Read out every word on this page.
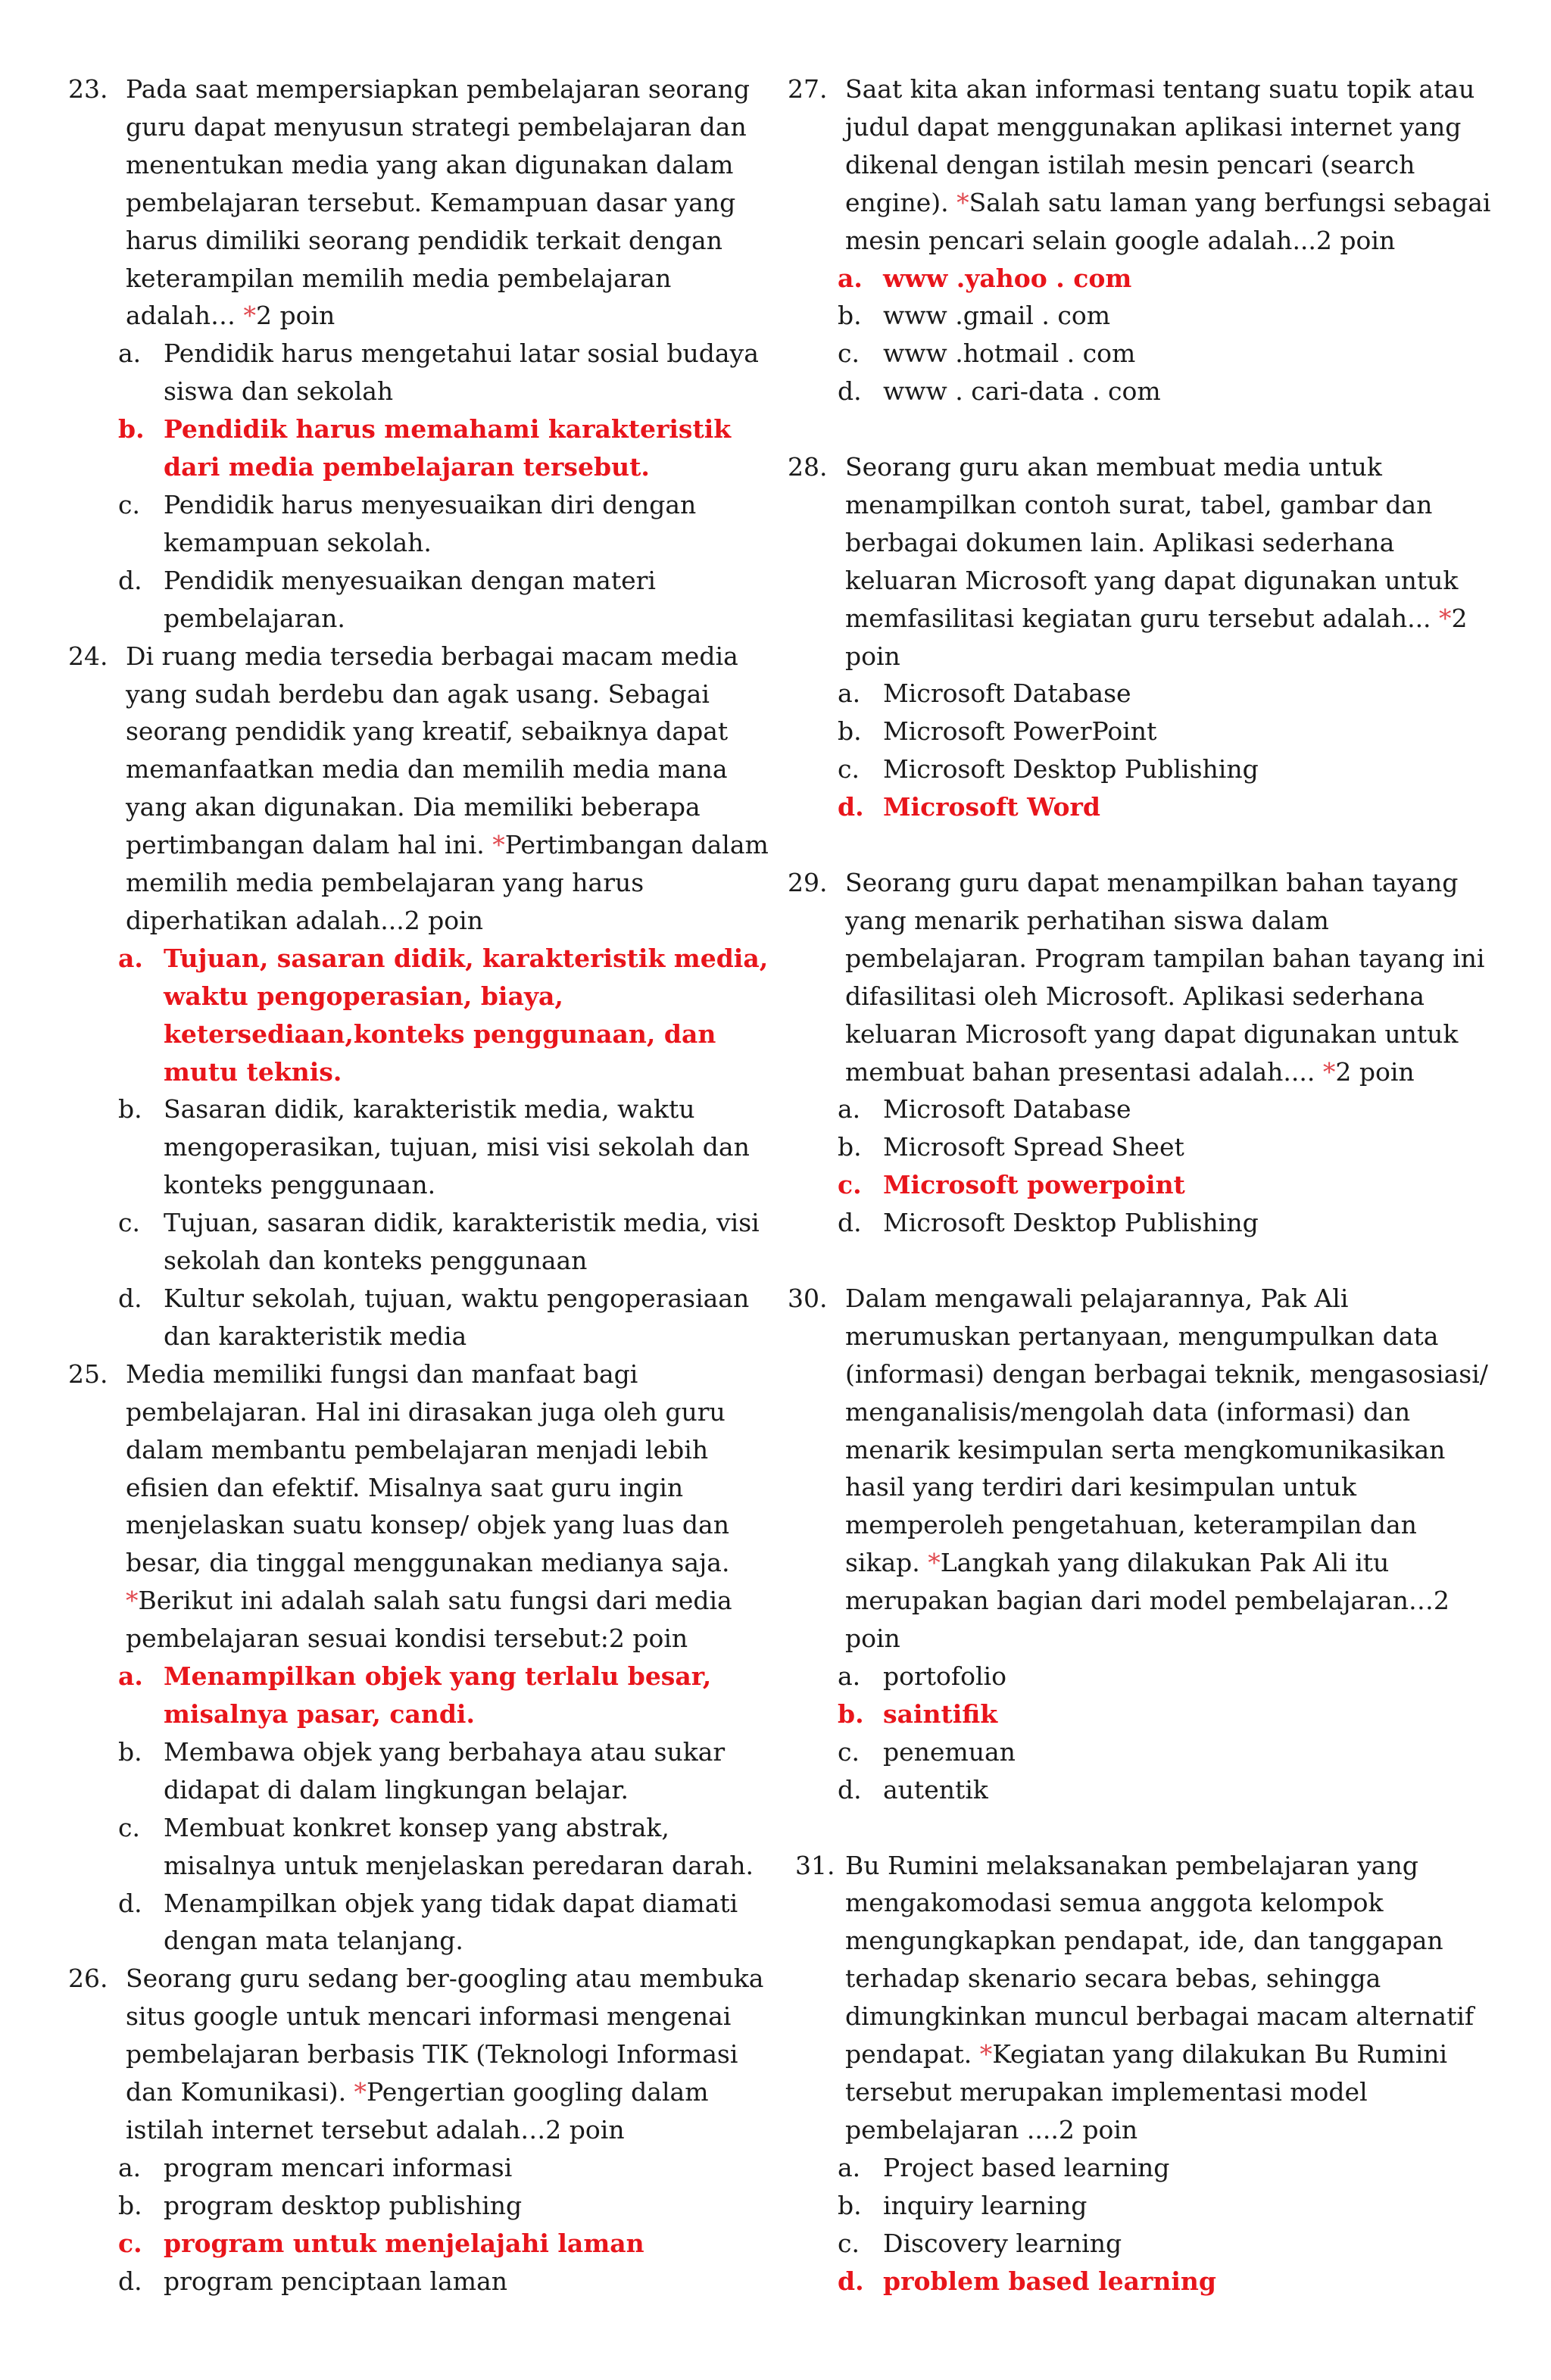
23. Pada saat mempersiapkan pembelajaran seorang guru dapat menyusun strategi pembelajaran dan menentukan media yang akan digunakan dalam pembelajaran tersebut. Kemampuan dasar yang harus dimiliki seorang pendidik terkait dengan keterampilan memilih media pembelajaran adalah… *2 poin
a. Pendidik harus mengetahui latar sosial budaya siswa dan sekolah
b. Pendidik harus memahami karakteristik dari media pembelajaran tersebut.
c. Pendidik harus menyesuaikan diri dengan kemampuan sekolah.
d. Pendidik menyesuaikan dengan materi pembelajaran.
24. Di ruang media tersedia berbagai macam media yang sudah berdebu dan agak usang. Sebagai seorang pendidik yang kreatif, sebaiknya dapat memanfaatkan media dan memilih media mana yang akan digunakan. Dia memiliki beberapa pertimbangan dalam hal ini. *Pertimbangan dalam memilih media pembelajaran yang harus diperhatikan adalah...2 poin
a. Tujuan, sasaran didik, karakteristik media, waktu pengoperasian, biaya, ketersediaan,konteks penggunaan, dan mutu teknis.
b. Sasaran didik, karakteristik media, waktu mengoperasikan, tujuan, misi visi sekolah dan konteks penggunaan.
c. Tujuan, sasaran didik, karakteristik media, visi sekolah dan konteks penggunaan
d. Kultur sekolah, tujuan, waktu pengoperasiaan dan karakteristik media
25. Media memiliki fungsi dan manfaat bagi pembelajaran. Hal ini dirasakan juga oleh guru dalam membantu pembelajaran menjadi lebih efisien dan efektif. Misalnya saat guru ingin menjelaskan suatu konsep/ objek yang luas dan besar, dia tinggal menggunakan medianya saja. *Berikut ini adalah salah satu fungsi dari media pembelajaran sesuai kondisi tersebut:2 poin
a. Menampilkan objek yang terlalu besar, misalnya pasar, candi.
b. Membawa objek yang berbahaya atau sukar didapat di dalam lingkungan belajar.
c. Membuat konkret konsep yang abstrak, misalnya untuk menjelaskan peredaran darah.
d. Menampilkan objek yang tidak dapat diamati dengan mata telanjang.
26. Seorang guru sedang ber-googling atau membuka situs google untuk mencari informasi mengenai pembelajaran berbasis TIK (Teknologi Informasi dan Komunikasi). *Pengertian googling dalam istilah internet tersebut adalah…2 poin
a. program mencari informasi
b. program desktop publishing
c. program untuk menjelajahi laman
d. program penciptaan laman
27. Saat kita akan informasi tentang suatu topik atau judul dapat menggunakan aplikasi internet yang dikenal dengan istilah mesin pencari (search engine). *Salah satu laman yang berfungsi sebagai mesin pencari selain google adalah...2 poin
a. www .yahoo . com
b. www .gmail . com
c. www .hotmail . com
d. www . cari-data . com
28. Seorang guru akan membuat media untuk menampilkan contoh surat, tabel, gambar dan berbagai dokumen lain. Aplikasi sederhana keluaran Microsoft yang dapat digunakan untuk memfasilitasi kegiatan guru tersebut adalah... *2 poin
a. Microsoft Database
b. Microsoft PowerPoint
c. Microsoft Desktop Publishing
d. Microsoft Word
29. Seorang guru dapat menampilkan bahan tayang yang menarik perhatihan siswa dalam pembelajaran. Program tampilan bahan tayang ini difasilitasi oleh Microsoft. Aplikasi sederhana keluaran Microsoft yang dapat digunakan untuk membuat bahan presentasi adalah.... *2 poin
a. Microsoft Database
b. Microsoft Spread Sheet
c. Microsoft powerpoint
d. Microsoft Desktop Publishing
30. Dalam mengawali pelajarannya, Pak Ali merumuskan pertanyaan, mengumpulkan data (informasi) dengan berbagai teknik, mengasosiasi/ menganalisis/mengolah data (informasi) dan menarik kesimpulan serta mengkomunikasikan hasil yang terdiri dari kesimpulan untuk memperoleh pengetahuan, keterampilan dan sikap. *Langkah yang dilakukan Pak Ali itu merupakan bagian dari model pembelajaran…2 poin
a. portofolio
b. saintifik
c. penemuan
d. autentik
31. Bu Rumini melaksanakan pembelajaran yang mengakomodasi semua anggota kelompok mengungkapkan pendapat, ide, dan tanggapan terhadap skenario secara bebas, sehingga dimungkinkan muncul berbagai macam alternatif pendapat. *Kegiatan yang dilakukan Bu Rumini tersebut merupakan implementasi model pembelajaran ....2 poin
a. Project based learning
b. inquiry learning
c. Discovery learning
d. problem based learning
